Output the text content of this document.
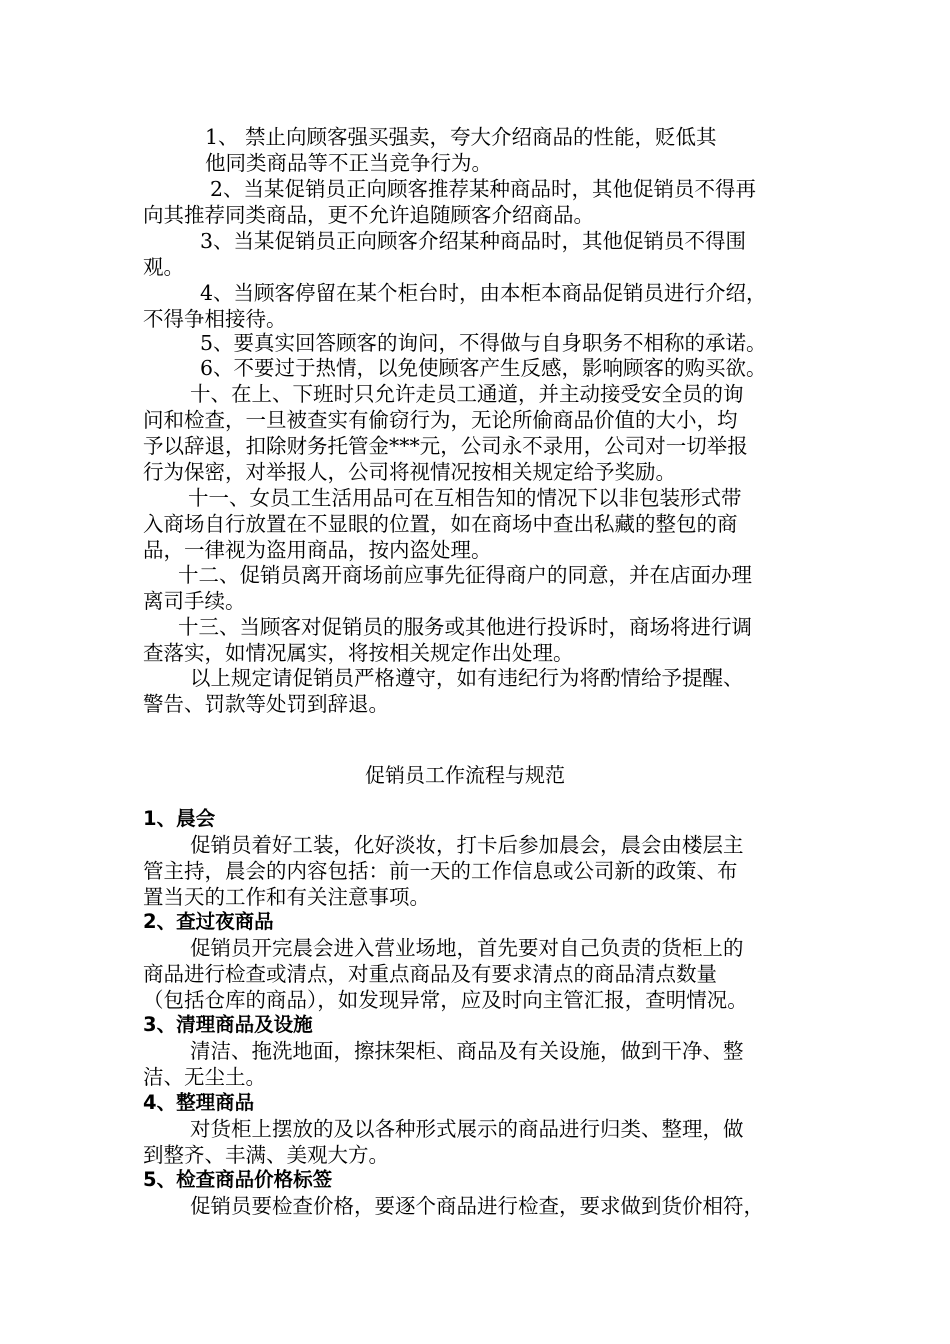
1、 禁止向顾客强买强卖，夸大介绍商品的性能，贬低其

他同类商品等不正当竞争行为。

2、当某促销员正向顾客推荐某种商品时，其他促销员不得再

向其推荐同类商品，更不允许追随顾客介绍商品。

3、当某促销员正向顾客介绍某种商品时，其他促销员不得围

观。

4、当顾客停留在某个柜台时，由本柜本商品促销员进行介绍，

不得争相接待。

5、要真实回答顾客的询问，不得做与自身职务不相称的承诺。

6、不要过于热情，以免使顾客产生反感，影响顾客的购买欲。

十、在上、下班时只允许走员工通道，并主动接受安全员的询

问和检查，一旦被查实有偷窃行为，无论所偷商品价值的大小，均

予以辞退，扣除财务托管金***元，公司永不录用，公司对一切举报

行为保密，对举报人，公司将视情况按相关规定给予奖励。

十一、女员工生活用品可在互相告知的情况下以非包装形式带

入商场自行放置在不显眼的位置，如在商场中查出私藏的整包的商

品，一律视为盗用商品，按内盗处理。

十二、促销员离开商场前应事先征得商户的同意，并在店面办理

离司手续。

十三、当顾客对促销员的服务或其他进行投诉时，商场将进行调

查落实，如情况属实，将按相关规定作出处理。

以上规定请促销员严格遵守，如有违纪行为将酌情给予提醒、

警告、罚款等处罚到辞退。

促销员工作流程与规范

1、晨会

促销员着好工装，化好淡妆，打卡后参加晨会，晨会由楼层主

管主持，晨会的内容包括：前一天的工作信息或公司新的政策、布

置当天的工作和有关注意事项。

2、查过夜商品

促销员开完晨会进入营业场地，首先要对自己负责的货柜上的

商品进行检查或清点，对重点商品及有要求清点的商品清点数量

（包括仓库的商品），如发现异常，应及时向主管汇报，查明情况。

3、清理商品及设施

清洁、拖洗地面，擦抹架柜、商品及有关设施，做到干净、整

洁、无尘土。

4、整理商品

对货柜上摆放的及以各种形式展示的商品进行归类、整理，做

到整齐、丰满、美观大方。

5、检查商品价格标签

促销员要检查价格，要逐个商品进行检查，要求做到货价相符，
